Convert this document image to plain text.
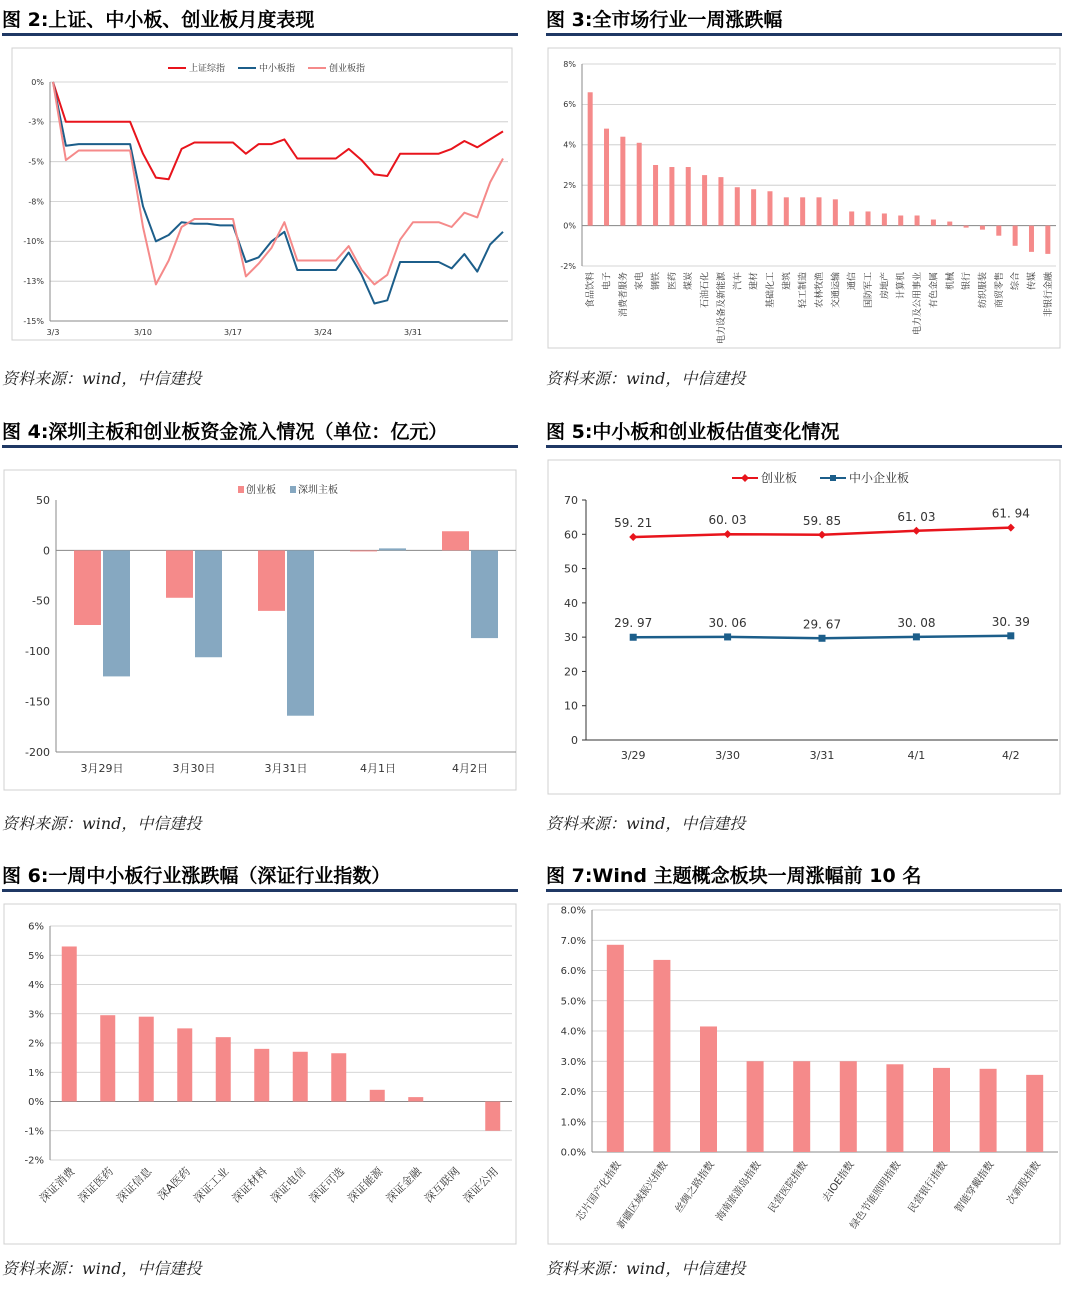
图 2:上证、中小板、创业板月度表现
0%
-3%
-5%
-8%
-10%
-13%
-15%
3/3	3/10	3/17	3/24	3/31
上证综指	中小板指	创业板指
资料来源：wind，中信建投
图 3:全市场行业一周涨跌幅
8%
6%
4%
2%
0%
-2%
食品饮料 电子 消费者服务 家电 钢铁 医药 煤炭 石油石化 电力设备及新能源 汽车 建材 基础化工 建筑 轻工制造 农林牧渔 交通运输 通信 国防军工 房地产 计算机 电力及公用事业 有色金属 机械 银行 纺织服装 商贸零售 综合 传媒 非银行金融
资料来源：wind，中信建投
图 4:深圳主板和创业板资金流入情况（单位：亿元）
50
0
-50
-100
-150
-200
3月29日	3月30日	3月31日	4月1日	4月2日
创业板 深圳主板
资料来源：wind，中信建投
图 5:中小板和创业板估值变化情况
70
60
50
40
30
20
10
0
3/29	3/30	3/31	4/1	4/2
59. 21	60. 03	59. 85	61. 03	61. 94
创业板
29. 97	30. 06	29. 67	30. 08	30. 39
中小企业板
资料来源：wind，中信建投
图 6:一周中小板行业涨跌幅（深证行业指数）
6%
5%
4%
3%
2%
1%
0%
-1%
-2%
深证消费
深证医药
深证信息 深A医药
深证工业
深证材料
深证电信
深证可选
深证能源
深证金融
深互联网
深证公用
资料来源：wind，中信建投
图 7:Wind 主题概念板块一周涨幅前 10 名
8.0%
7.0%
6.0%
5.0%
4.0%
3.0%
2.0%
1.0%
0.0%
芯片国产化指数
新疆区域振兴指数 丝绸之路指数
海南旅游岛指数 民营医院指数 去IOE指数
绿色节能照明指数 民营银行指数 智能穿戴指数 次新股指数
资料来源：wind，中信建投
